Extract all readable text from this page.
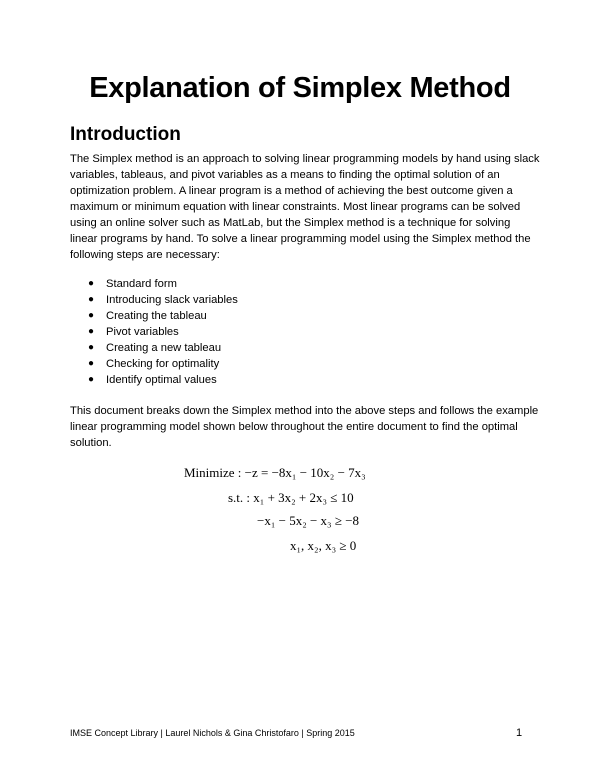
Explanation of Simplex Method
Introduction

The Simplex method is an approach to solving linear programming models by hand using slack variables, tableaus, and pivot variables as a means to finding the optimal solution of an optimization problem. A linear program is a method of achieving the best outcome given a maximum or minimum equation with linear constraints. Most linear programs can be solved using an online solver such as MatLab, but the Simplex method is a technique for solving linear programs by hand. To solve a linear programming model using the Simplex method the following steps are necessary:

● Standard form
● Introducing slack variables
● Creating the tableau
● Pivot variables
● Creating a new tableau
● Checking for optimality
● Identify optimal values

This document breaks down the Simplex method into the above steps and follows the example linear programming model shown below throughout the entire document to find the optimal solution.

Minimize : −z = −8x₁ − 10x₂ − 7x₃
s.t. : x₁ + 3x₂ + 2x₃ ≤ 10
−x₁ − 5x₂ − x₃ ≥ −8
x₁, x₂, x₃ ≥ 0
IMSE Concept Library | Laurel Nichols & Gina Christofaro | Spring 2015	1
